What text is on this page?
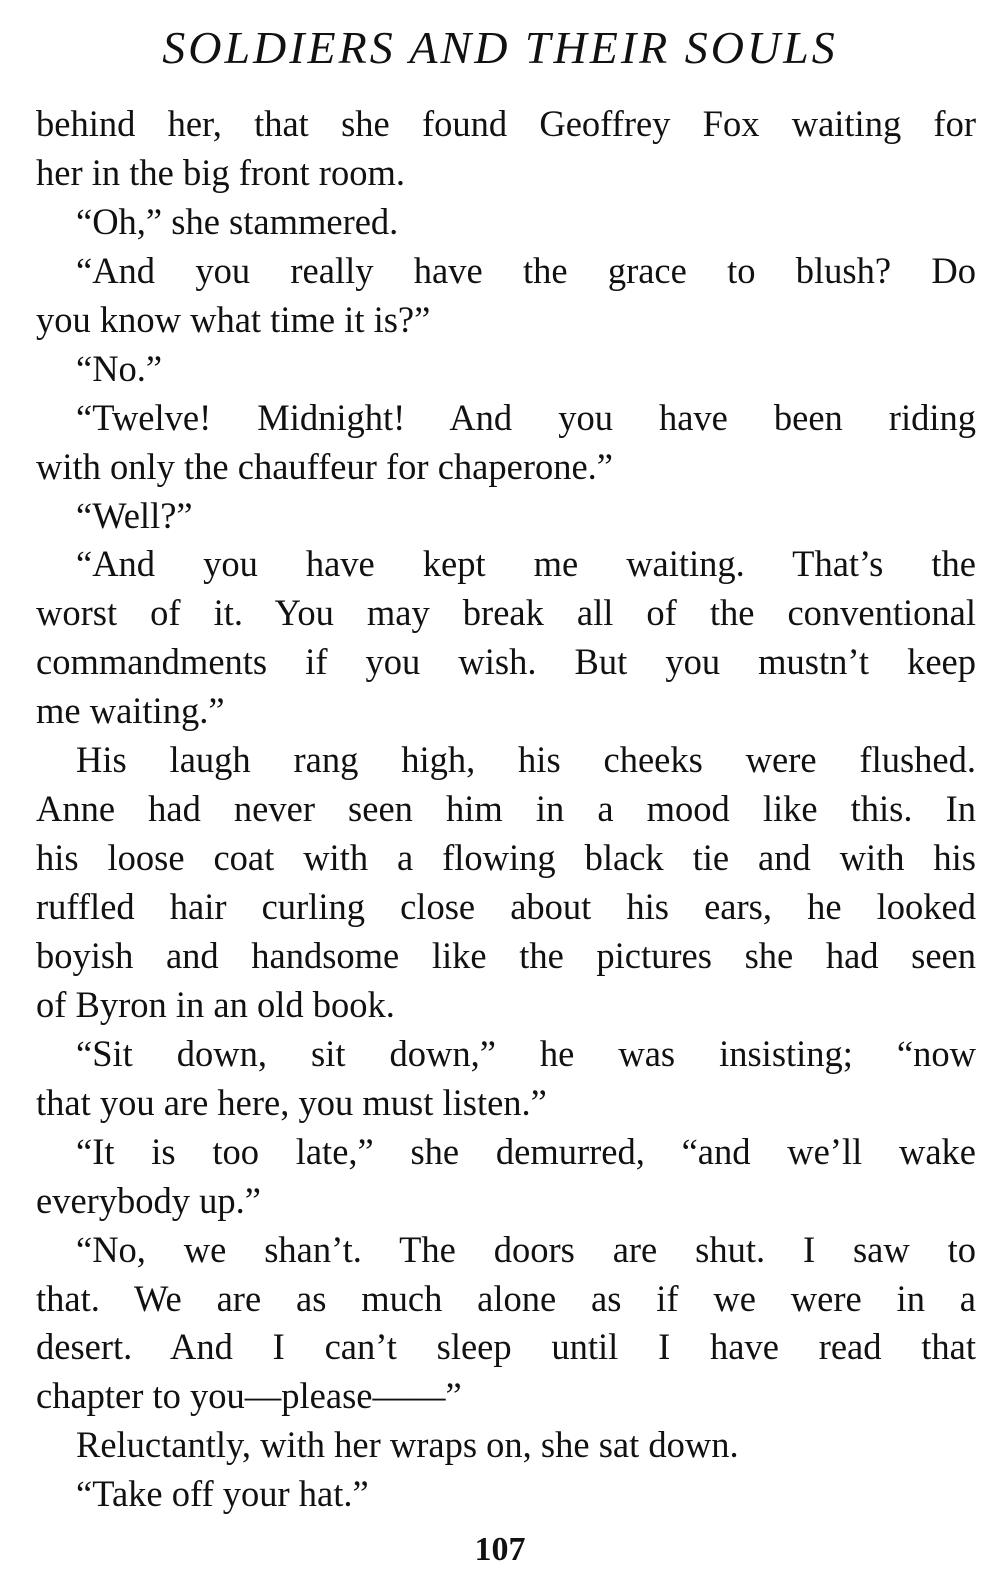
SOLDIERS AND THEIR SOULS
behind her, that she found Geoffrey Fox waiting for
her in the big front room.
“Oh,” she stammered.
“And you really have the grace to blush? Do
you know what time it is?”
“No.”
“Twelve! Midnight! And you have been riding
with only the chauffeur for chaperone.”
“Well?”
“And you have kept me waiting. That’s the
worst of it. You may break all of the conventional
commandments if you wish. But you mustn’t keep
me waiting.”
His laugh rang high, his cheeks were flushed.
Anne had never seen him in a mood like this. In
his loose coat with a flowing black tie and with his
ruffled hair curling close about his ears, he looked
boyish and handsome like the pictures she had seen
of Byron in an old book.
“Sit down, sit down,” he was insisting; “now
that you are here, you must listen.”
“It is too late,” she demurred, “and we’ll wake
everybody up.”
“No, we shan’t. The doors are shut. I saw to
that. We are as much alone as if we were in a
desert. And I can’t sleep until I have read that
chapter to you—please——”
Reluctantly, with her wraps on, she sat down.
“Take off your hat.”
107
